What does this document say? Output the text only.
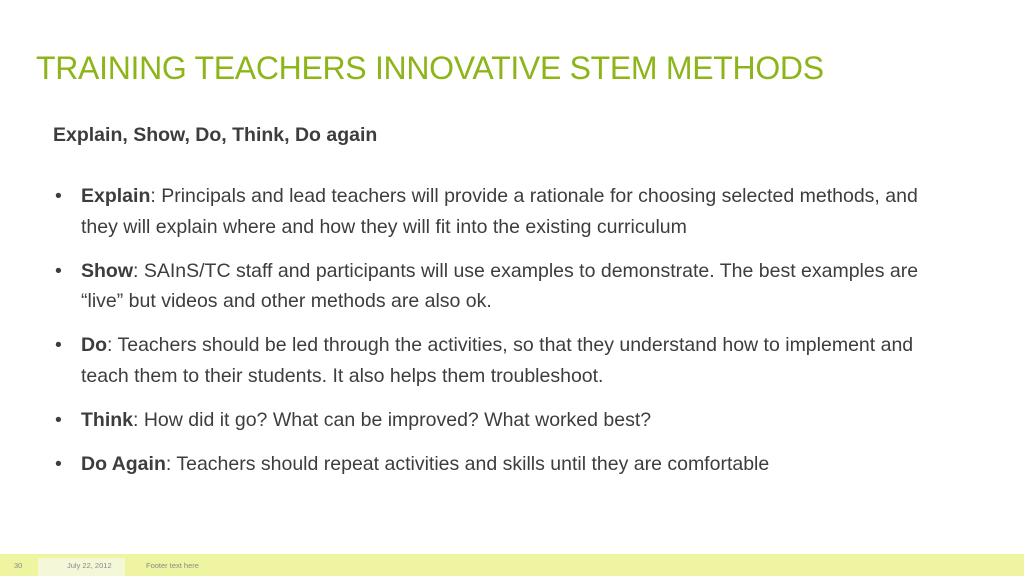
TRAINING TEACHERS INNOVATIVE STEM METHODS
Explain, Show, Do, Think, Do again
• Explain: Principals and lead teachers will provide a rationale for choosing selected methods, and they will explain where and how they will fit into the existing curriculum
• Show: SAInS/TC staff and participants will use examples to demonstrate. The best examples are “live” but videos and other methods are also ok.
• Do: Teachers should be led through the activities, so that they understand how to implement and teach them to their students. It also helps them troubleshoot.
• Think: How did it go? What can be improved? What worked best?
• Do Again: Teachers should repeat activities and skills until they are comfortable
30	July 22, 2012	Footer text here
